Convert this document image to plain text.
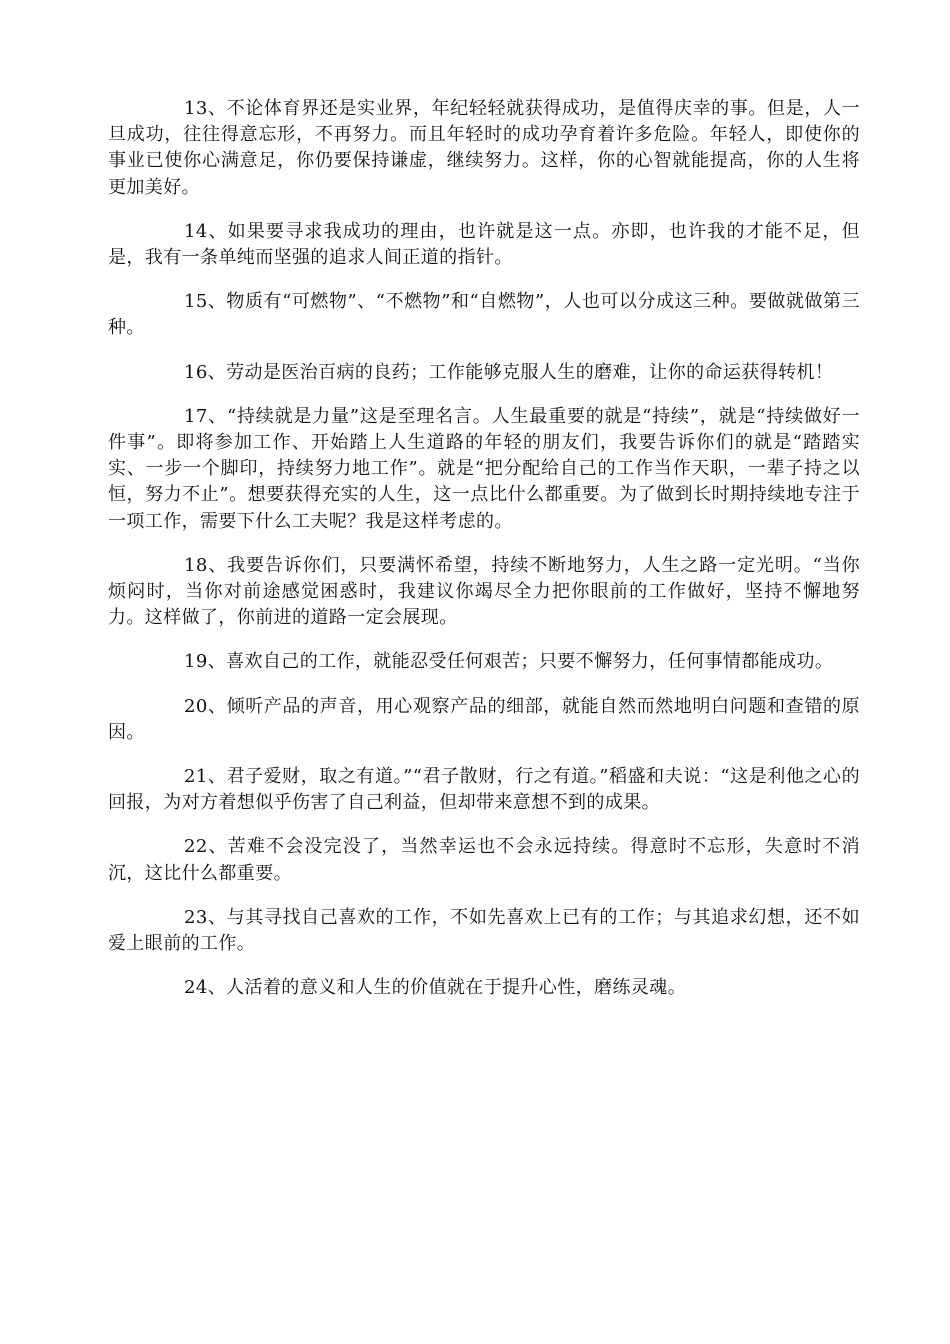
13、不论体育界还是实业界，年纪轻轻就获得成功，是值得庆幸的事。但是，人一旦成功，往往得意忘形，不再努力。而且年轻时的成功孕育着许多危险。年轻人，即使你的事业已使你心满意足，你仍要保持谦虚，继续努力。这样，你的心智就能提高，你的人生将更加美好。

14、如果要寻求我成功的理由，也许就是这一点。亦即，也许我的才能不足，但是，我有一条单纯而坚强的追求人间正道的指针。

15、物质有“可燃物”、“不燃物”和“自燃物”，人也可以分成这三种。要做就做第三种。

16、劳动是医治百病的良药；工作能够克服人生的磨难，让你的命运获得转机！

17、“持续就是力量”这是至理名言。人生最重要的就是“持续”，就是“持续做好一件事”。即将参加工作、开始踏上人生道路的年轻的朋友们，我要告诉你们的就是“踏踏实实、一步一个脚印，持续努力地工作”。就是“把分配给自己的工作当作天职，一辈子持之以恒，努力不止”。想要获得充实的人生，这一点比什么都重要。为了做到长时期持续地专注于一项工作，需要下什么工夫呢？我是这样考虑的。

18、我要告诉你们，只要满怀希望，持续不断地努力，人生之路一定光明。“当你烦闷时，当你对前途感觉困惑时，我建议你竭尽全力把你眼前的工作做好，坚持不懈地努力。这样做了，你前进的道路一定会展现。

19、喜欢自己的工作，就能忍受任何艰苦；只要不懈努力，任何事情都能成功。

20、倾听产品的声音，用心观察产品的细部，就能自然而然地明白问题和查错的原因。

21、君子爱财，取之有道。”“君子散财，行之有道。”稻盛和夫说：“这是利他之心的回报，为对方着想似乎伤害了自己利益，但却带来意想不到的成果。

22、苦难不会没完没了，当然幸运也不会永远持续。得意时不忘形，失意时不消沉，这比什么都重要。

23、与其寻找自己喜欢的工作，不如先喜欢上已有的工作；与其追求幻想，还不如爱上眼前的工作。

24、人活着的意义和人生的价值就在于提升心性，磨练灵魂。
